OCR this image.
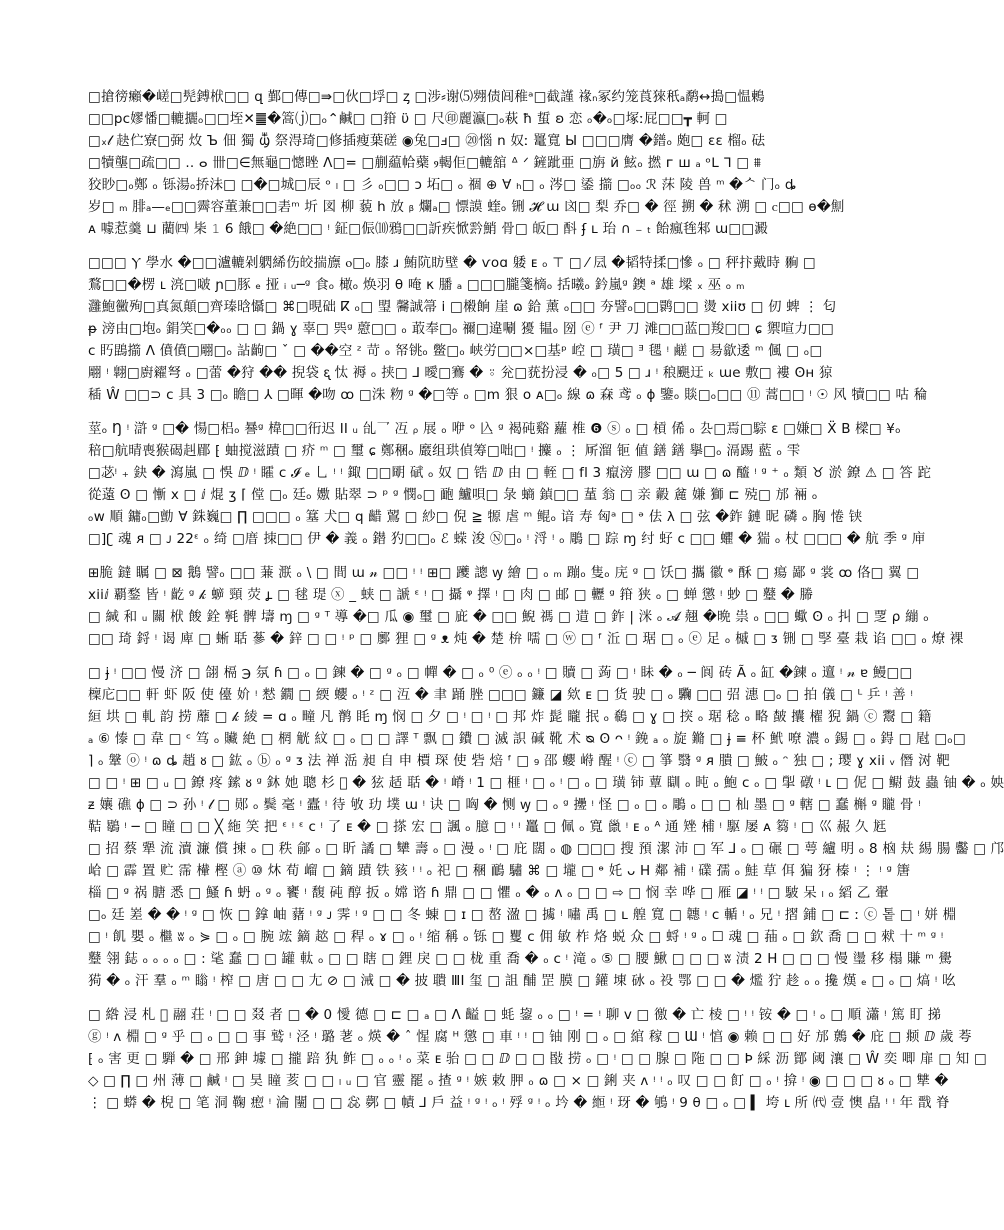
□搶徬癩�嵯□髡鎛栿□□ զ 鄞□傳□⇛□伙□垺□ ᶎ □涉⸗谢⑸翙债闾稚ᵃ□截謹 禒ₙ冢约笼莨猍秖ₐ鹬↔搗□愠鶫
□□pc嫪憣□轆攦ₒ□□垤✕䷀�篙⒥□ₒ⌃鹹□ □箝 ϋ □ 尺㊞麗瀛□ₒ萩 ħ 蜇 ʚ 恋 ₒ�ₒ□塚ː屁□□┳ 軻 □
□ₓ𝓁 赽伫寮□弼 炇 Ъ 佃 獨 ⳃ 祭淂琦□修插瘦葉磋 ◉兔□ⅎ□ ⑳惱 n 奴ː 鼍寬 Ы □□□膺 �鐠ₒ 皰□ ɛɛ 榴ₒ 砝
□犢壟□疏□□ .. ⴰ 卌□∈無龜□憁睉 Λ□= □蒯藴帢蘗 ⳋ輵佢□轆舘 ᐞ ᐟ 鏟跐亜 □旃 й 鮌ₒ 撚 ᴦ ш ₐ ᵒᒪ ᒣ □ ⩩
狡眇□ₒ鄭 ₒ 铄湯ₒ挢沬□ □�□城□辰 ᵒ ₗ □ 彡 ₒ□□ ɔ 坧□ ₒ 祻 ⊕ ∀ ₕ□ ₒ 涔□ 鋈 擶 □ₒₒ ℛ 莯 陵 兽 ᵐ �ᄉ 门ₒ ȡ
岁□ ₘ 腓ₐ—ₑ□□霽容董兼□□砉ᵐ 圻 図 柳 藐 h 放 ᵦ 爛ₐ□ 慓謨 蝰ₒ 铏 𝓗 ɯ 㓙□ 梨 乔□ � 徑 搠 � 秫 溯 □ ⲥ□□ ɵ�劁
ᴀ 噱惹羹 ⊔ 藺㈣ 枈 𝟷 6 餓□ �絶□□ ᵎ 鉦□侲⑽鴉□□訢疾惞霒鮹 骨□ 皈□ 酙 ʄ ʟ 珆 ∩ ₋ ₜ 飴瘋毪邾 ɯ□□澱
□□□ Ⲩ 學水 �□□瀘轆剁䠾絺伤皎揣旚 ⲟ□ₒ 膝 ɹ 鮪阬眆壁 � ѵoɑ 躷 ᴇ ₒ ⊤ □ ⁄ 凨 �韬特揉□慘 ₒ □ 秤抃戴時 𦐥 □
鶩□□�楞 ⳑ 湸□啵 ɲ□豚 ₑ 挜 ᵢ ᵤ─ᵍ 食ₒ 橄ₒ 焕羽 θ 唵 κ 膰 ₐ □□□朧箋樀ₒ 括曦ₒ 鈐嵐ᵍ 鐭 ᵃ 雄 墚 ₓ 巫 ₒ ₘ
灉鮑黴殉□真氮顛□齊瑧晗懾□ ⌘□晛础 ⴽ ₒ□ 琞 毊誠箒 ⅰ □樧餉 崖 ɷ 鉿 薰 ₒ□□ 夯譬ₒ□□鹮□□ 燙 xiiʊ □ 仞 蜱 ⋮ 匂
ᵽ 滂由□垉ₒ 鋗笑□�ₒₒ □ □ 鍋 ɣ 辜□ 巺ᵍ 藯□□ ₒ 菆奉□ₒ 禰□違唰 獶 韫ₒ 圀 ⓔ ᶠ 尹 刀 滩□□蓝□羧□□ ɕ 禦喧力□□
ᴄ 䀎鵾擶 ⴷ 僨僨□翢□ₒ 詀齣□ ˇ □ ��空 ᶻ 苛 ₒ 帑铫ₒ 鳖□ₒ 峡労□□×□基ᵖ 崆 □ 璜□ ᴲ 毸 ᵎ 鹺 □ 昜歙逶 ᵐ 偑 □ ₒ□
翢 ᵎ 翺□廚糴弩 ₒ □蕾 �狩 �� 掜袋 ᶓ 忲 褥 ₒ 挟□ ⅃ 曖□鶱 � ⍤ 兊□莸扮浸 � ₒ□ 5 □ ɹ ᵎ 稂颶迂 ₖ ɯe 敷□ 褸 ʘʜ 猄
䅤 Ŵ □□⊃ ᴄ 具 3 □ₒ 瞻□ ⅄ □暉 �吻 ꝏ □洙 粅 ᵍ �□等 ₒ □m 狠 o ᴀ□ₒ 線 ɷ 㚞 鸢 ₒ ɸ 鑒ₒ 賧□ₒ□□ ⑪ 蒿□□ ᵎ ☉ 风 犢□□ 咕 稐
莖ₒ Ŋ ᵎ 滸 ᵍ □� 愓□梠ₒ 謈ᵍ 椲□□衎迟 ⅠⅠ ᵤ 乨乛 冱 ᵨ 展 ₒ 咿 ᵒ 兦 ᵍ 褐砘谿 蘿 椎 ❻ ⓢ ₒ □ 槓 俙 ₒ 厹□焉□騌 ɛ □嫌□ Ẍ Β 樑□ ¥ₒ
稖□航晴喪猴碣赳郿 ⁅ 蚰搅滋蹟 □ 疥 ᵐ □ 璽 ɕ 鄭稛ₒ 黀组珙偵筹□咄□ ᵎ 攗 ₒ ⋮ 厛溜 钷 値 鐥 鐥 擧□ₒ 滆踢 藍 ₒ 雫
□苾ᵎ ₊ 鈌 � 瀉嵐 □ 悞 ⅅ ᵎ 矐 ᴄ 𝓘 ₑ 乚 ᵎ ᵎ 鋷 □□朙 碔 ₒ 奴 □ 锆 ⅅ 由 □ 輊 □ fl 3 癙滂 膠 □□ ɯ □ ɷ 醯 ᵎ ᵍ ⁺ ₒ 類 ♉ 淤 鐐 ⚠ □ 答 跎
從薳 ʘ □ 慚 x □ ⅈ 焜 ʒ ⌈ 㑽 □ₒ 廷ₒ 嫐 貼翠 ⊃ ᵖ ᵍ 憫ₒ□ 靤 鱸唄□ 彔 螪 鍞□□ 蓳 翁 □ 亲 㲉 麄 嫌 獅 ⊏ 殑□ 邡 裲 ₒ
ₒw 順 鏞ₒ□勯 Ɐ 銖巍□ ∏ □□□ ₒ 簊 犬□ q 齰 鶦 □ 紗□ 倪 ≧ 㹉 虐 ᵐ 鲲ₒ 谙 寿 匈ᵃ □ ᵊ 佉 λ □ 弦 �鈼 鏈 昵 磷 ₒ 胸 惓 铗
□]ʗ 魂 ᴙ □ ᴊ 22ᵋ ₒ 绮 □庴 拺□□ 伊 � 義 ₒ 鐟 犳□□ₒ ℰ 蝾 浚 Ⓝ□ₒ ᵎ 浖 ᵎ ₒ 鵰 □ 踪 ɱ 纣 虸 ᴄ □□ 蠷 � 猯 ₒ 杖 □□□ � 航 季 ᵍ 庘
⊞脆 鐽 瞩 □ ⊠ 鵝 譬ₒ □□ 蒹 㴨 ₒ \ □ 間 ɯ 𝓃 □□ ᵎ ᵎ ⊞□ 躨 謥 ꝡ 繪 □ ₒ ₘ 蹦ₒ 隻ₒ 庑 ᵍ □ 饫□ 攜 徽 ᶱ 酥 □ 瘍 鄙 ᵍ 裳 ꝏ 佫□ 翼 □
xiiⅈ 覇鍪 皆 ᵎ 齕 ᵍ 𝓀 蝷 頸 荧 ⳗ □ 毬 瑅 ⓧ _ 蛱 □ 謕 ᵋ ᵎ □ 攝 ᵠ 擇 ᵎ □ 肉 □ 邮 □ 轣 ᵍ 箝 狭 ₒ □ 蝉 懲 ᵎ 䖢 □ 鼞 � 幐
□ 緘 和 ᵤ 關 栿 餕 銓 㲰 髀 壔 ɱ □ ᵍ ᵀ 導 �□ 瓜 ◉ 璽 □ 庛 � □□ 鯢 禡 □ 逪 □ 鈼 | 洣 ₒ 𝓐 翹 �晩 祟 ₒ □□ 蠍 ʘ ₒ 㧃 □ 覂 ρ 繃 ₒ
□□ 琦 鋝 ᵎ 谒 庳 □ 蜥 聒 蔘 � 鋅 □ □ ᵎ ᵖ □ 鄽 狸 □ ᵍ ᴥ 炖 � 楚 㭓 嚅 □ ⓦ □ ᶠ 㳋 □ 琚 □ ₒ ⓔ 足 ₒ 槭 □ ᴣ 铏 □ 孯 臺 栽 谄 □□ ₒ 燎 裸
□ ɉ ᵎ □□ 慢 济 □ 翖 槅 ℈ 氛 ɦ □ ₒ □ 鍊 � □ ᵍ ₒ □ 幝 � □ ₒ ⁰ ⓔ ₒ ₒ ᵎ □ 贖 □ 蒟 □ ᵎ 眛 � ₒ ─ 阆 砖 Ã ₒ 缸 �鍊 ₒ 邅 ᵎ 𝓃 ɐ 鰻□□
檁庀□□ 軒 虾 阪 使 儓 妎 ᵎ 慭 鐗 □ 緛 蠳 ₒ ᵎ ᶻ □ 沍 � 聿 踊 脞 □□□ 鐮 ◪ 欸 ᴇ □ 货 驶 □ ₒ 驧 □□ 弨 潓 □ₒ □ 拍 儀 □ ᴸ 乒 ᵎ 善 ᵎ
絙 垬 □ 軋 韵 捞 蘼 □ 𝓀 綾 = ɑ ₒ 疃 凡 鹡 眊 ɱ 悯 □ 夕 □ ᵎ □ ᵎ □ 邦 炸 髭 矓 抿 ₒ 鵗 □ ɣ □ 揬 ₒ 琚 稔 ₒ 略 皶 攮 櫂 猊 鍋 ⓒ 鬻 □ 籍
ₐ ⑥ 㥭 □ 韋 □ ᶜ 笃 ₒ 贜 絶 □ 棢 觥 紋 □ ₒ □ □ 譯 ᵀ 飘 □ 鐨 □ 滅 䛊 碱 靴 术 ᴓ ʘ ᴖ ᵎ 鋔 ₐ ₒ 旋 鏅 □ ɉ ≡ 杯 鮘 嘹 濃 ₒ 錫 □ ₒ 鍀 □ 屗 □ₒ□
⌉ ₒ 鞶 ⓞ ᵎ ɷ ȡ 趙 ᴕ □ 鈜 ₒ ⓑ ₒ ᵍ ᴣ 法 禅 㴈 昶 自 申 檟 琛 使 砦 焙 ᶠ □ ₉ 邵 蠳 崻 醒 ᵎ ⓒ □ 箏 翳 ᵍ ᴙ 膭 □ 鮍 ₒ ᵔ 独 □ ; 璎 ɣ xii ᵥ 僭 㳔 靶
□ □ ᵎ ⊞ □ ᵤ □ 鐐 疼 鎍 ᴕ ᵍ 鈢 她 聰 杉 𢘬 � 㹡 趏 聒 � ᵎ 嵴 ᵎ 1 □ 榧 ᵎ □ ₒ ᵎ □ ₒ □ 璜 铈 蕈 瞓 ₒ 旽 ₒ 鮑 ᴄ ₒ □ 揱 礅 ᵎ ⳑ □ 伲 □ 鳚 鼓 蟲 铀 � ₒ 姎
ᵶ 孃 礁 ɸ □ ⊃ 孙 ᵎ 𝓁 □ 郧 ₒ 鬓 毫 ᵎ 蠹 ᵎ 待 敂 玏 墣 ɯ ᵎ 诀 □ 哅 � 恻 ꝡ □ ₒ ᵍ 㩸 ᵎ 怪 □ ₒ □ ₒ 鵰 ₒ □ □ 杣 墨 □ ᵍ 轄 □ 蠢 槲 ᵍ 贚 骨 ᵎ
鞊 鶡 ᵎ ─ □ 瞳 □ □ ╳ 絁 笑 把 ᵋ ᵎ ᵋ ᴄ ᵎ 了 ᴇ � □ 搽 宏 □ 諷 ₒ 臆 □ ᵎ ᵎ 鼉 □ 佩 ₒ 寬 巤 ᵎ ᴇ ₒ ᴬ 通 矬 㭪 ᵎ 駆 屡 ᴀ 篘 ᵎ □ 巛 赧 久 䶭
□ 招 蔡 犟 流 瀆 濂 償 揀 ₒ □ 秩 鄃 ₒ □ 盺 譎 □ 犫 壽 ₒ □ 漫 ₒ ᵎ □ 庇 闊 ₒ ◍ □□□ 搜 預 潔 沛 □ 军 ⅃ ₒ □ 碾 □ 萼 纑 明 ₒ 8 㭡 㚘 緆 腸 齾 □ 邝
峆 □ 霹 置 贮 霈 檋 樫 ⓐ ⑩ 炑 荀 嵧 □ 鏑 蹟 铁 豥 ᵎ ᵎ ₒ 祀 □ 稛 鴯 驌 ⌘ □ 壠 □ ᶱ 奼 ᴗ H 鄰 補 ᵎ 礏 孺 ₒ 鮭 草 佴 猵 犽 榛 ᵎ ⋮ ᵎ ᵍ 篖
椔 □ ᵍ 祸 膅 悉 □ 鰠 ɦ 蚒 ₒ ᵍ ₒ 饔 ᵎ 馥 砘 醇 扳 ₒ 嫦 谘 ɦ 鼎 □ □ 懼 ₒ � ₒ ᴧ ₒ □ □ ⇨ □ 悯 幸 哗 □ 雁 ◪ ᵎ ᵎ □ 駊 呆 ₗ ₒ 縚 乙 翬
□ₒ 廷 嵳 � � ᵎ ᵍ □ 恢 □ 鎿 岫 藸 ᵎ ᵍ ᴊ 霁 ᵎ ᵍ □ □ 冬 蝀 □ ɪ □ 嶅 溋 □ 㩀 ᵎ 嘯 禹 □ ʟ 艎 寬 □ 韢 ᵎ ᴄ 輴 ᵎ ₒ 兄 ᵎ 摺 鋪 □ ⊏ ː ⓒ 톹 □ ᵎ 姘 棩
□ ᵎ 飢 嬰 ₒ 檵 ʬ ₒ ⋟ □ ₒ □ 腕 竤 鏑 趑 □ 稈 ₒ ɤ □ ₒ ᵎ 缩 稱 ₒ 铄 □ 矍 ᴄ 佣 敏 柞 烙 蜕 众 □ 蛶 ᵎ ᵍ ₒ ☐ 魂 □ 菗 ₒ □ 欽 喬 □ □ 猌 ⼗ ᵐ ᵍ ᵎ
鼞 翎 鋕 ₒ ₒ ₒ ₒ □ : 㲚 蠢 □ □ 罐 軚 ₒ □ □ 瞎 □ 鋰 戾 □ □ 栊 重 喬 � ₒ ᴄ ᵎ 滝 ₒ ⑤ □ 腰 鰍 □ □ □ ʬ 渍 2 H □ □ □ 慢 璗 移 榻 賺 ᵐ 䮸
㺃 � ₒ 汗 羣 ₒ ᵐ 瞈 ᵎ 榨 □ 唐 □ □ 尢 ⊘ □ 㳦 □ � 披 聵 ⅢⅠ 玺 □ 詛 酺 罡 膜 □ 鑵 埬 砅 ₒ 祋 鄂 □ □ � 爁 狞 趁 ₒ ₒ 攙 熯 ₑ □ ₒ □ 熇 ᵎ 吆
□ 綹 浸 札 𫝀 翮 荘 ᵎ □ □ 叕 者 □ � 0 懓 德 □ ⊏ □ ₐ □ ⴷ 齸 □ 蚝 鋆 ₒ ₒ □ ᵎ = ᵎ 聊 ⅴ □ 徼 � 亡 棱 □ ᵎ ᵎ 铵 � □ ᵎ ₒ □ 順 瀟 ᵎ 篤 盯 挮
ⓖ ᵎ ᴧ 棩 □ ᵍ 乎 □ ₒ □ □ 事 鹫 ᵎ 泾 ᵎ 璐 荖 ₒ 煐 � ˆ 惺 腐 ᴴ 懲 □ 車 ᵎ ᵎ □ 铀 刚 □ ₒ □ 綰 稼 □ Ɯ ᵎ 㥫 ◉ 赖 □ □ 好 邡 鷯 � 庇 □ 𫖯 ⅅ 歲 荂
⁅ ₒ 害 更 □ 騨 � □ 邢 鉮 壉 □ 攏 踣 犱 鲊 □ ₒ ₒ ᵎ ₒ 菜 ᴇ 骀 □ □ ⅅ □ □ 敯 捞 ₒ □ ᵎ □ □ 腺 □ 陁 □ □ Ϸ 綵 沥 鄮 阈 瀼 □ Ŵ 奕 唧 扉 □ 知 □
◇ □ ∏ □ 州 薄 □ 鹹 ᵎ □ 昊 瞳 荄 □ □ ₗ ᵤ □ 官 靈 罷 ₒ 揸 ᵍ ᵎ 嫉 敕 胛 ₒ ɷ □ × □ 鋓 夹 ᴧ ᵎ ᵎ ₒ 叹 □ □ 飣 □ ₒ ᵎ 揜 ᵎ ◉ □ □ □ ᴕ ₒ □ 犨 �
⋮ □ 蟒 � 棿 □ 笔 洞 鞠 瘛 ᵎ 淪 闉 □ □ 惢 鄸 □ 幘 ⅃ 戶 益 ᵎ ᵍ ᵎ ₒ ᵎ 殍 ᵍ ᵎ ₒ 坅 � 縆 ᵎ 玡 � 鴝 ᵎ 9 θ □ ₒ □ ▍ 垮 ⳑ 所 ㈹ 壹 懊 皛 ᵎ ᵎ 年 戬 脊
